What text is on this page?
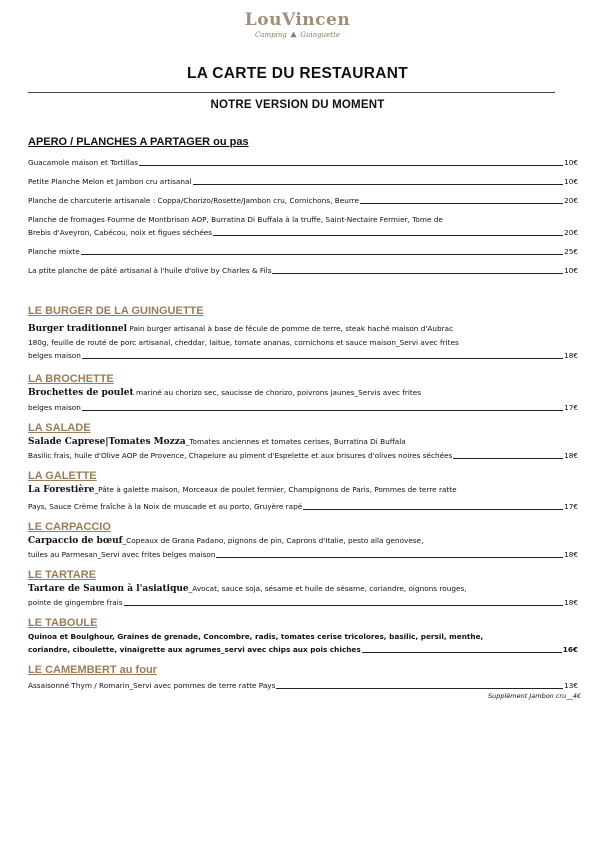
LouVincen
Camping Guinguette
LA CARTE DU RESTAURANT
NOTRE VERSION DU MOMENT
APERO / PLANCHES A PARTAGER ou pas
Guacamole maison et Tortillas	10€
Petite Planche Melon et Jambon cru artisanal	10€
Planche de charcuterie artisanale : Coppa/Chorizo/Rosette/Jambon cru, Cornichons, Beurre	20€
Planche de fromages Fourme de Montbrison AOP, Burratina Di Buffala à la truffe, Saint-Nectaire Fermier, Tome de
Brebis d'Aveyron, Cabécou, noix et figues séchées	20€
Planche mixte	25€
La ptite planche de pâté artisanal à l'huile d'olive by Charles & Fils	10€
LE BURGER DE LA GUINGUETTE
Burger traditionnel Pain burger artisanal à base de fécule de pomme de terre, steak haché maison d'Aubrac
180g, feuille de routé de porc artisanal, cheddar, laitue, tomate ananas, cornichons et sauce maison_Servi avec frites
belges maison	18€
LA BROCHETTE
Brochettes de poulet mariné au chorizo sec, saucisse de chorizo, poivrons jaunes_Servis avec frites
belges maison	17€
LA SALADE
Salade Caprese|Tomates Mozza_Tomates anciennes et tomates cerises, Burratina Di Buffala
Basilic frais, huile d'Olive AOP de Provence, Chapelure au piment d'Espelette et aux brisures d'olives noires séchées	18€
LA GALETTE
La Forestière_Pâte à galette maison, Morceaux de poulet fermier, Champignons de Paris, Pommes de terre ratte
Pays, Sauce Crème fraîche à la Noix de muscade et au porto, Gruyère rapé	17€
LE CARPACCIO
Carpaccio de bœuf_Copeaux de Grana Padano, pignons de pin, Caprons d'Italie, pesto alla genovese,
tuiles au Parmesan_Servi avec frites belges maison	18€
LE TARTARE
Tartare de Saumon à l'asiatique_Avocat, sauce soja, sésame et huile de sésame, coriandre, oignons rouges,
pointe de gingembre frais	18€
LE TABOULE
Quinoa et Boulghour, Graines de grenade, Concombre, radis, tomates cerise tricolores, basilic, persil, menthe,
coriandre, ciboulette, vinaigrette aux agrumes_servi avec chips aux pois chiches	16€
LE CAMEMBERT au four
Assaisonné Thym / Romarin_Servi avec pommes de terre ratte Pays	13€
Supplément Jambon cru__4€
